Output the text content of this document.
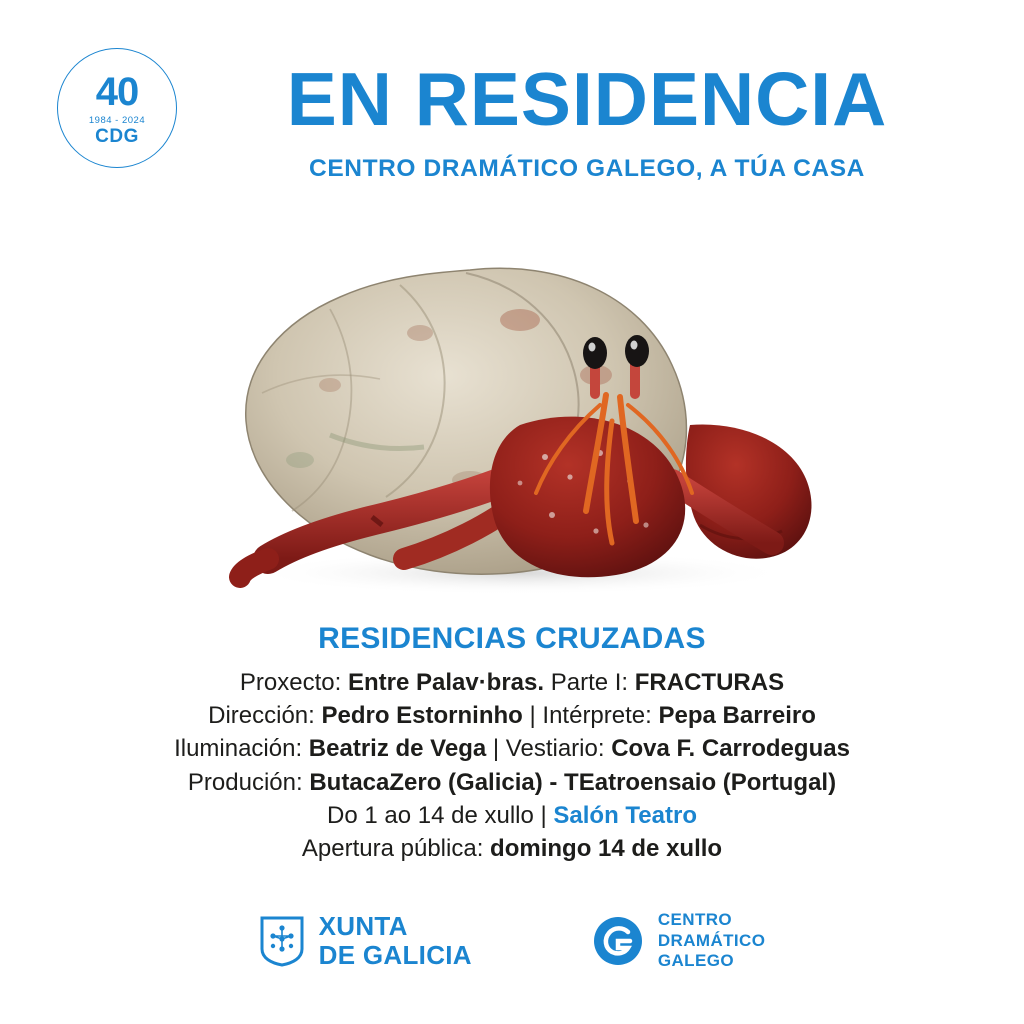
40
1984 - 2024
CDG	EN RESIDENCIA
CENTRO DRAMÁTICO GALEGO, A TÚA CASA
RESIDENCIAS CRUZADAS

Proxecto: Entre Palav·bras. Parte I: FRACTURAS

Dirección: Pedro Estorninho | Intérprete: Pepa Barreiro

Iluminación: Beatriz de Vega | Vestiario: Cova F. Carrodeguas

Produción: ButacaZero (Galicia) - TEatroensaio (Portugal)

Do 1 ao 14 de xullo | Salón Teatro

Apertura pública: domingo 14 de xullo

XUNTA
DE GALICIA
CENTRO
DRAMÁTICO
GALEGO
